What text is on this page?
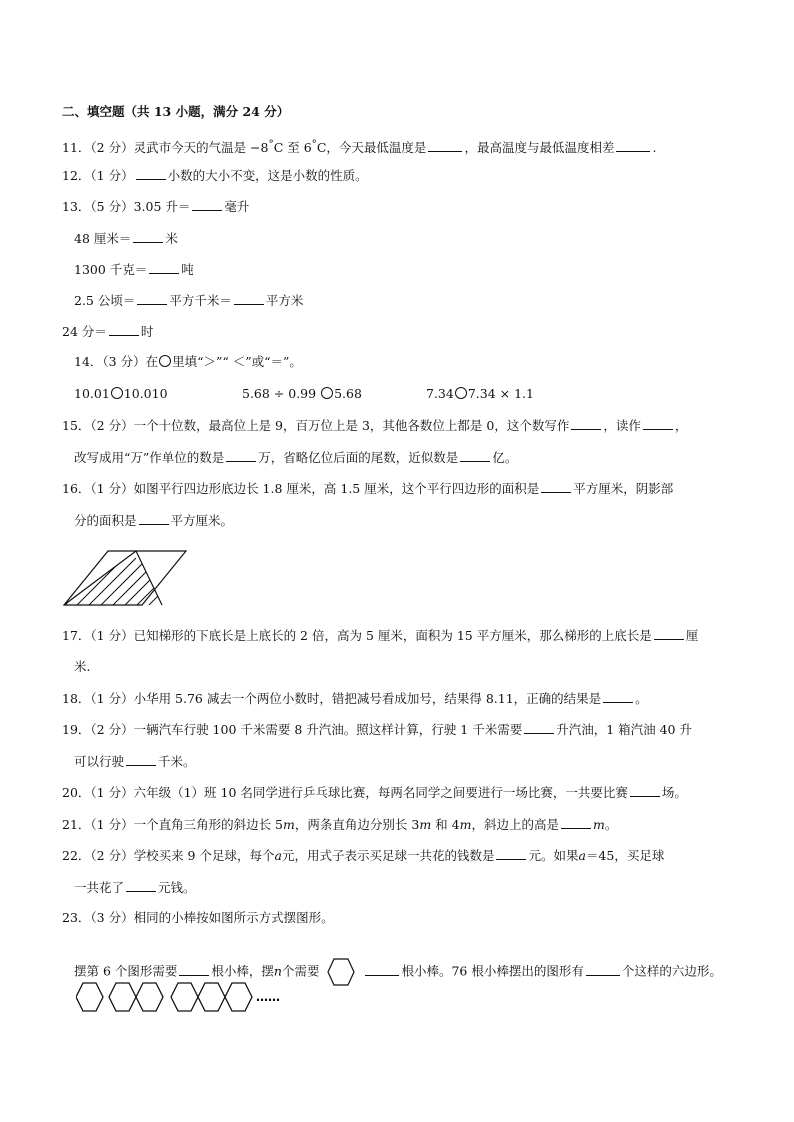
二、填空题（共 13 小题，满分 24 分）
11．（2 分）灵武市今天的气温是 −8°C 至 6°C，今天最低温度是	，最高温度与最低温度相差	.
12．（1 分）	小数的大小不变，这是小数的性质。
13．（5 分）3.05 升＝	毫升
48 厘米＝	米
1300 千克＝	吨
2.5 公顷＝	平方千米＝	平方米
24 分＝	时
14．（3 分）在 里填“＞”“ ＜”或“＝”。
10.01 10.010	5.68 ÷ 0.99 5.68	7.34 7.34 × 1.1
15．（2 分）一个十位数，最高位上是 9，百万位上是 3，其他各数位上都是 0，这个数写作	，读作	，
改写成用“万”作单位的数是	万，省略亿位后面的尾数，近似数是	亿。
16．（1 分）如图平行四边形底边长 1.8 厘米，高 1.5 厘米，这个平行四边形的面积是	平方厘米，阴影部
分的面积是	平方厘米。
17．（1 分）已知梯形的下底长是上底长的 2 倍，高为 5 厘米，面积为 15 平方厘米，那么梯形的上底长是	厘
米.
18．（1 分）小华用 5.76 减去一个两位小数时，错把减号看成加号，结果得 8.11，正确的结果是	。
19．（2 分）一辆汽车行驶 100 千米需要 8 升汽油。照这样计算，行驶 1 千米需要	升汽油，1 箱汽油 40 升
可以行驶	千米。
20．（1 分）六年级（1）班 10 名同学进行乒乓球比赛，每两名同学之间要进行一场比赛，一共要比赛	场。
21．（1 分）一个直角三角形的斜边长 5m，两条直角边分别长 3m 和 4m，斜边上的高是	m。
22．（2 分）学校买来 9 个足球，每个a元，用式子表示买足球一共花的钱数是	元。如果a＝45，买足球
一共花了	元钱。
23．（3 分）相同的小棒按如图所示方式摆图形。
摆第 6 个图形需要	根小棒，摆n个需要	根小棒。76 根小棒摆出的图形有	个这样的六边形。
……
